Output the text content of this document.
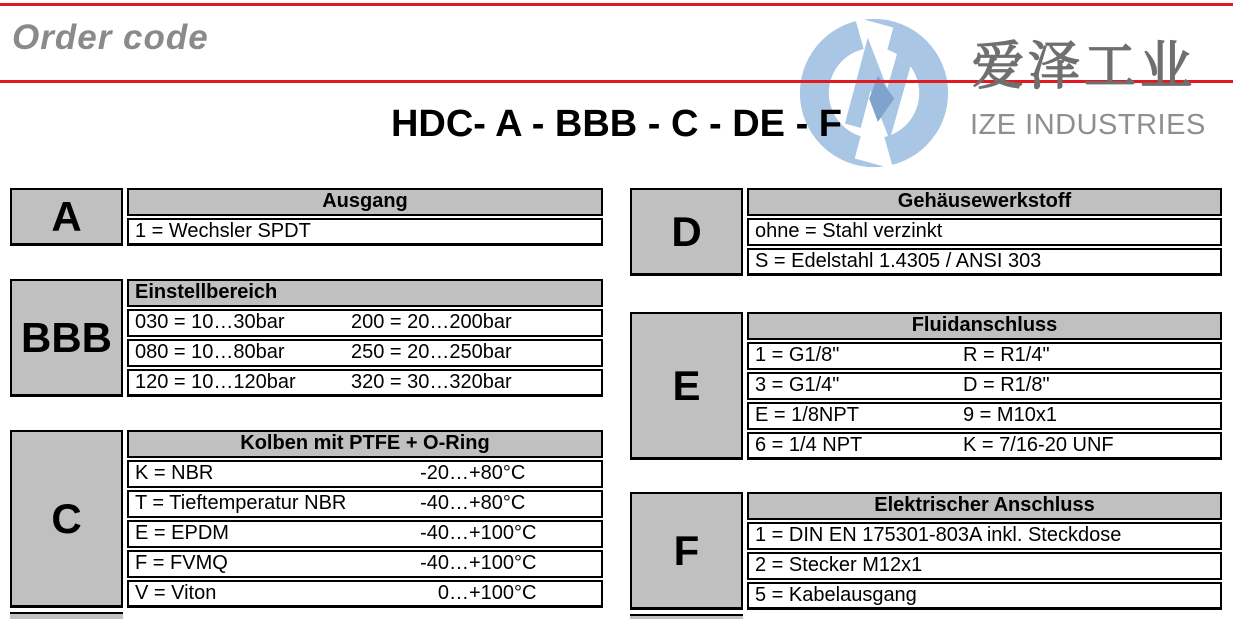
Order code
爱泽工业
IZE INDUSTRIES
HDC- A - BBB - C - DE - F
A	Ausgang
1 = Wechsler SPDT
BBB
Einstellbereich
030 = 10…30bar	200 = 20…200bar
080 = 10…80bar	250 = 20…250bar
120 = 10…120bar	320 = 30…320bar
C
Kolben mit PTFE + O-Ring
K = NBR	-20 …+80°C
T = Tieftemperatur NBR	-40 …+80°C
E = EPDM	-40 …+100°C
F = FVMQ	-40 …+100°C
V = Viton	0 …+100°C
D
Gehäusewerkstoff
ohne = Stahl verzinkt
S = Edelstahl 1.4305 / ANSI 303
E
Fluidanschluss
1 = G1/8"	R = R1/4"
3 = G1/4"	D = R1/8"
E = 1/8NPT	9 = M10x1
6 = 1/4 NPT	K = 7/16-20 UNF
F
Elektrischer Anschluss
1 = DIN EN 175301-803A inkl. Steckdose
2 = Stecker M12x1
5 = Kabelausgang
